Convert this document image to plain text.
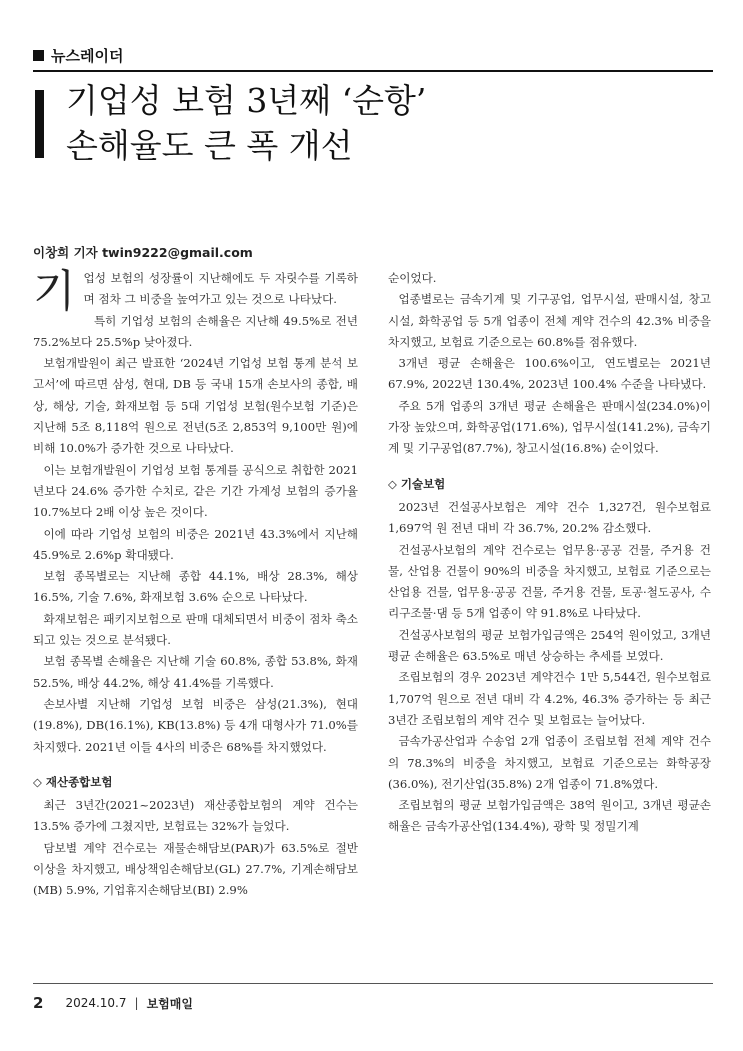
뉴스레이더
기업성 보험 3년째 ‘순항’
손해율도 큰 폭 개선
이창희 기자 twin9222@gmail.com

기업성 보험의 성장률이 지난해에도 두 자릿수를 기록하며 점차 그 비중을 높여가고 있는 것으로 나타났다.

특히 기업성 보험의 손해율은 지난해 49.5%로 전년 75.2%보다 25.5%p 낮아졌다.

보험개발원이 최근 발표한 ‘2024년 기업성 보험 통계 분석 보고서’에 따르면 삼성, 현대, DB 등 국내 15개 손보사의 종합, 배상, 해상, 기술, 화재보험 등 5대 기업성 보험(원수보험 기준)은 지난해 5조 8,118억 원으로 전년(5조 2,853억 9,100만 원)에 비해 10.0%가 증가한 것으로 나타났다.

이는 보험개발원이 기업성 보험 통계를 공식으로 취합한 2021년보다 24.6% 증가한 수치로, 같은 기간 가계성 보험의 증가율 10.7%보다 2배 이상 높은 것이다.

이에 따라 기업성 보험의 비중은 2021년 43.3%에서 지난해 45.9%로 2.6%p 확대됐다.

보험 종목별로는 지난해 종합 44.1%, 배상 28.3%, 해상 16.5%, 기술 7.6%, 화재보험 3.6% 순으로 나타났다.

화재보험은 패키지보험으로 판매 대체되면서 비중이 점차 축소되고 있는 것으로 분석됐다.

보험 종목별 손해율은 지난해 기술 60.8%, 종합 53.8%, 화재 52.5%, 배상 44.2%, 해상 41.4%를 기록했다.

손보사별 지난해 기업성 보험 비중은 삼성(21.3%), 현대(19.8%), DB(16.1%), KB(13.8%) 등 4개 대형사가 71.0%를 차지했다. 2021년 이들 4사의 비중은 68%를 차지했었다.

◇ 재산종합보험

최근 3년간(2021~2023년) 재산종합보험의 계약 건수는 13.5% 증가에 그쳤지만, 보험료는 32%가 늘었다.

담보별 계약 건수로는 재물손해담보(PAR)가 63.5%로 절반 이상을 차지했고, 배상책임손해담보(GL) 27.7%, 기계손해담보(MB) 5.9%, 기업휴지손해담보(BI) 2.9%

순이었다.

업종별로는 금속기계 및 기구공업, 업무시설, 판매시설, 창고시설, 화학공업 등 5개 업종이 전체 계약 건수의 42.3% 비중을 차지했고, 보험료 기준으로는 60.8%를 점유했다.

3개년 평균 손해율은 100.6%이고, 연도별로는 2021년 67.9%, 2022년 130.4%, 2023년 100.4% 수준을 나타냈다.

주요 5개 업종의 3개년 평균 손해율은 판매시설(234.0%)이 가장 높았으며, 화학공업(171.6%), 업무시설(141.2%), 금속기계 및 기구공업(87.7%), 창고시설(16.8%) 순이었다.

◇ 기술보험

2023년 건설공사보험은 계약 건수 1,327건, 원수보험료 1,697억 원 전년 대비 각 36.7%, 20.2% 감소했다.

건설공사보험의 계약 건수로는 업무용·공공 건물, 주거용 건물, 산업용 건물이 90%의 비중을 차지했고, 보험료 기준으로는 산업용 건물, 업무용·공공 건물, 주거용 건물, 토공·철도공사, 수리구조물·댐 등 5개 업종이 약 91.8%로 나타났다.

건설공사보험의 평균 보험가입금액은 254억 원이었고, 3개년 평균 손해율은 63.5%로 매년 상승하는 추세를 보였다.

조립보험의 경우 2023년 계약건수 1만 5,544건, 원수보험료 1,707억 원으로 전년 대비 각 4.2%, 46.3% 증가하는 등 최근 3년간 조립보험의 계약 건수 및 보험료는 늘어났다.

금속가공산업과 수송업 2개 업종이 조립보험 전체 계약 건수의 78.3%의 비중을 차지했고, 보험료 기준으로는 화학공장(36.0%), 전기산업(35.8%) 2개 업종이 71.8%였다.

조립보험의 평균 보험가입금액은 38억 원이고, 3개년 평균손해율은 금속가공산업(134.4%), 광학 및 정밀기계

2 2024.10.7 | 보험매일
